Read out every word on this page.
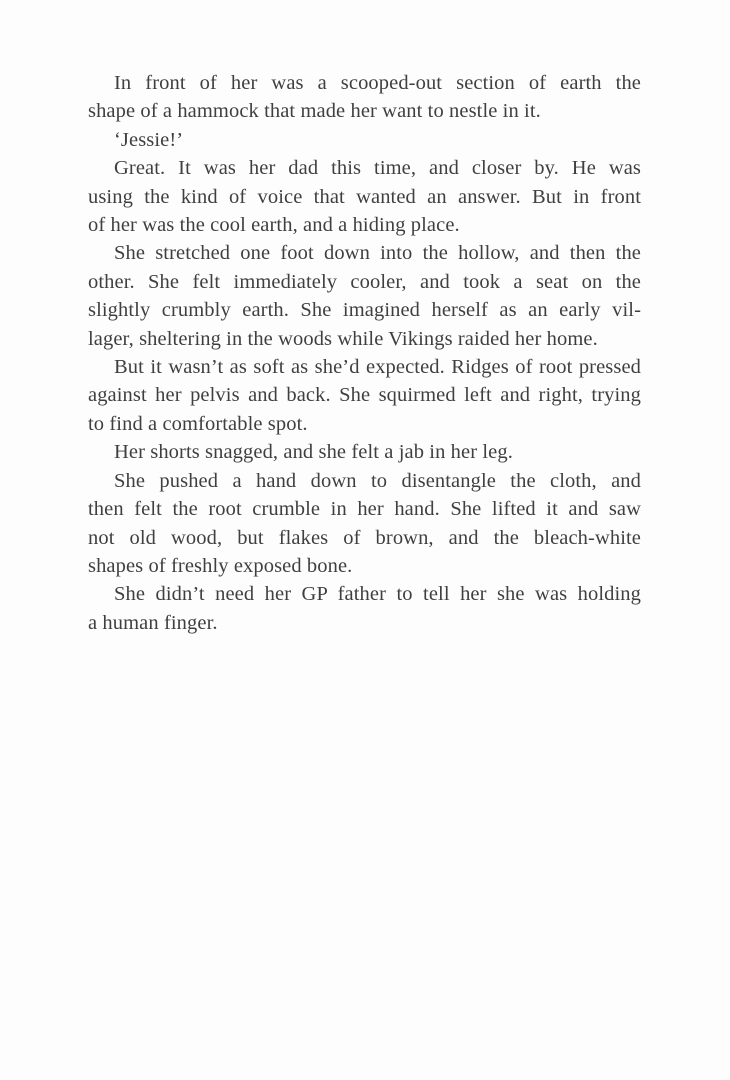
In front of her was a scooped-out section of earth the
shape of a hammock that made her want to nestle in it.
‘Jessie!’
Great. It was her dad this time, and closer by. He was
using the kind of voice that wanted an answer. But in front
of her was the cool earth, and a hiding place.
She stretched one foot down into the hollow, and then the
other. She felt immediately cooler, and took a seat on the
slightly crumbly earth. She imagined herself as an early vil-
lager, sheltering in the woods while Vikings raided her home.
But it wasn’t as soft as she’d expected. Ridges of root pressed
against her pelvis and back. She squirmed left and right, trying
to find a comfortable spot.
Her shorts snagged, and she felt a jab in her leg.
She pushed a hand down to disentangle the cloth, and
then felt the root crumble in her hand. She lifted it and saw
not old wood, but flakes of brown, and the bleach-white
shapes of freshly exposed bone.
She didn’t need her GP father to tell her she was holding
a human finger.
